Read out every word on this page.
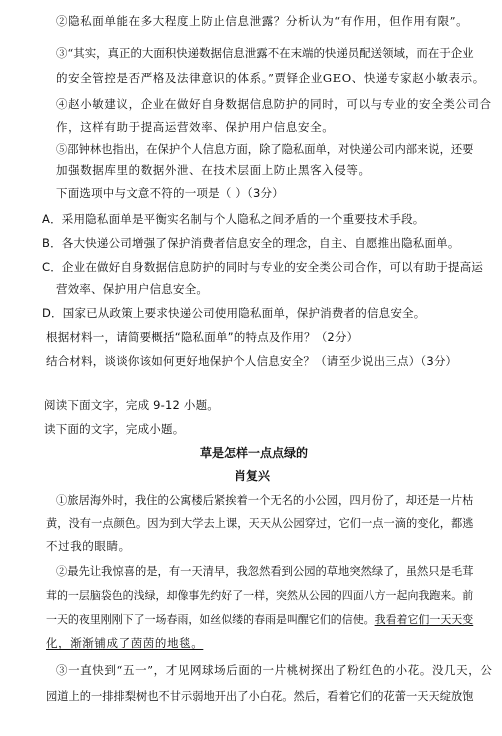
②隐私面单能在多大程度上防止信息泄露？分析认为“有作用，但作用有限”。
③“其实，真正的大面积快递数据信息泄露不在末端的快递员配送领域，而在于企业
的安全管控是否严格及法律意识的体系。”贾铎企业GEO、快递专家赵小敏表示。
④赵小敏建议，企业在做好自身数据信息防护的同时，可以与专业的安全类公司合
作，这样有助于提高运营效率、保护用户信息安全。
⑤邵钟林也指出，在保护个人信息方面，除了隐私面单，对快递公司内部来说，还要
加强数据库里的数据外泄、在技术层面上防止黑客入侵等。
下面选项中与文意不符的一项是（ ）（3分）
A．采用隐私面单是平衡实名制与个人隐私之间矛盾的一个重要技术手段。
B．各大快递公司增强了保护消费者信息安全的理念，自主、自愿推出隐私面单。
C．企业在做好自身数据信息防护的同时与专业的安全类公司合作，可以有助于提高运
营效率、保护用户信息安全。
D．国家已从政策上要求快递公司使用隐私面单，保护消费者的信息安全。
根据材料一，请简要概括“隐私面单”的特点及作用？（2分）
结合材料，谈谈你该如何更好地保护个人信息安全？（请至少说出三点）（3分）
阅读下面文字，完成 9-12 小题。
读下面的文字，完成小题。
草是怎样一点点绿的
肖复兴
①旅居海外时，我住的公寓楼后紧挨着一个无名的小公园，四月份了，却还是一片枯
黄，没有一点颜色。因为到大学去上课，天天从公园穿过，它们一点一滴的变化，都逃
不过我的眼睛。
②最先让我惊喜的是，有一天清早，我忽然看到公园的草地突然绿了，虽然只是毛茸
茸的一层脑袋色的浅绿，却像事先约好了一样，突然从公园的四面八方一起向我跑来。前
一天的夜里刚刚下了一场春雨，如丝似缕的春雨是叫醒它们的信使。我看着它们一天天变
化，渐渐铺成了茵茵的地毯。
③一直快到“五一”，才见网球场后面的一片桃树探出了粉红色的小花。没几天，公
园道上的一排排梨树也不甘示弱地开出了小白花。然后，看着它们的花蕾一天天绽放饱
